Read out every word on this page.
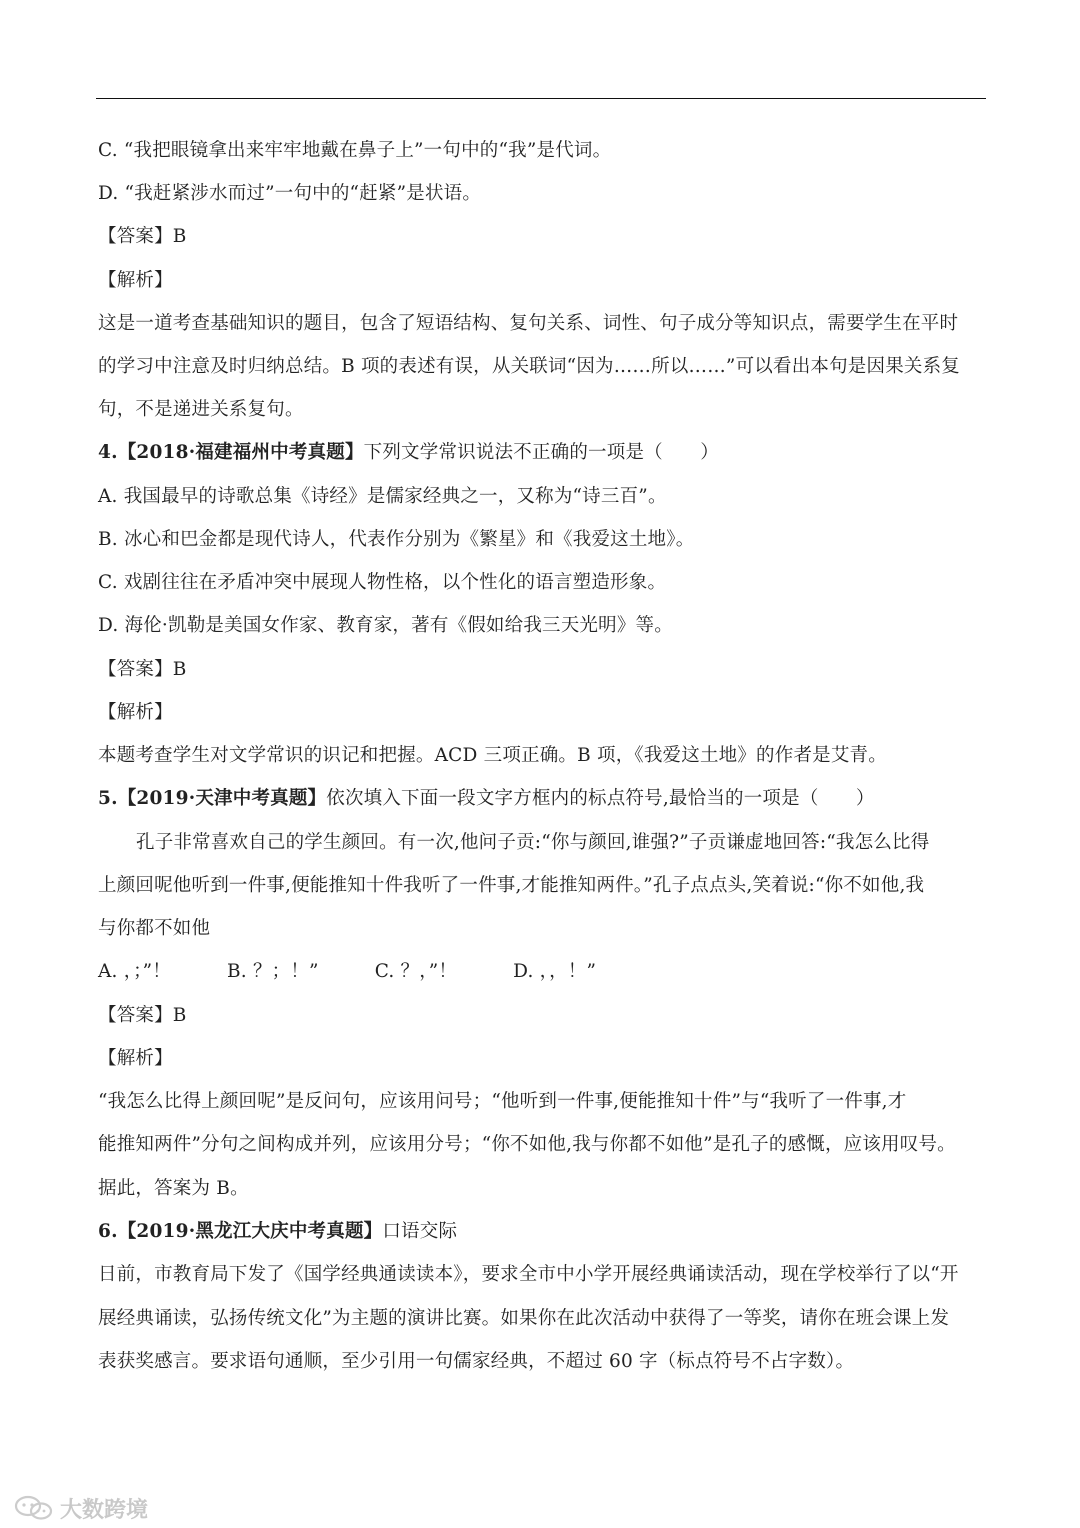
C. “我把眼镜拿出来牢牢地戴在鼻子上”一句中的“我”是代词。
D. “我赶紧涉水而过”一句中的“赶紧”是状语。
【答案】B
【解析】
这是一道考查基础知识的题目，包含了短语结构、复句关系、词性、句子成分等知识点，需要学生在平时
的学习中注意及时归纳总结。B 项的表述有误，从关联词“因为……所以……”可以看出本句是因果关系复
句，不是递进关系复句。
4.【2018·福建福州中考真题】下列文学常识说法不正确的一项是（　　）
A. 我国最早的诗歌总集《诗经》是儒家经典之一，又称为“诗三百”。
B. 冰心和巴金都是现代诗人，代表作分别为《繁星》和《我爱这土地》。
C. 戏剧往往在矛盾冲突中展现人物性格，以个性化的语言塑造形象。
D. 海伦·凯勒是美国女作家、教育家，著有《假如给我三天光明》等。
【答案】B
【解析】
本题考查学生对文学常识的识记和把握。ACD 三项正确。B 项，《我爱这土地》的作者是艾青。
5.【2019·天津中考真题】依次填入下面一段文字方框内的标点符号,最恰当的一项是（　　）
孔子非常喜欢自己的学生颜回。有一次,他问子贡:“你与颜回,谁强?”子贡谦虚地回答:“我怎么比得
上颜回呢他听到一件事,便能推知十件我听了一件事,才能推知两件。”孔子点点头,笑着说:“你不如他,我
与你都不如他
A. ，；”！	B. ？；！”	C. ？，”！	D. ，，！”
【答案】B
【解析】
“我怎么比得上颜回呢”是反问句，应该用问号；“他听到一件事,便能推知十件”与“我听了一件事,才
能推知两件”分句之间构成并列，应该用分号；“你不如他,我与你都不如他”是孔子的感慨，应该用叹号。
据此，答案为 B。
6.【2019·黑龙江大庆中考真题】口语交际
日前，市教育局下发了《国学经典通读读本》，要求全市中小学开展经典诵读活动，现在学校举行了以“开
展经典诵读，弘扬传统文化”为主题的演讲比赛。如果你在此次活动中获得了一等奖，请你在班会课上发
表获奖感言。要求语句通顺，至少引用一句儒家经典，不超过 60 字（标点符号不占字数）。
大数跨境
